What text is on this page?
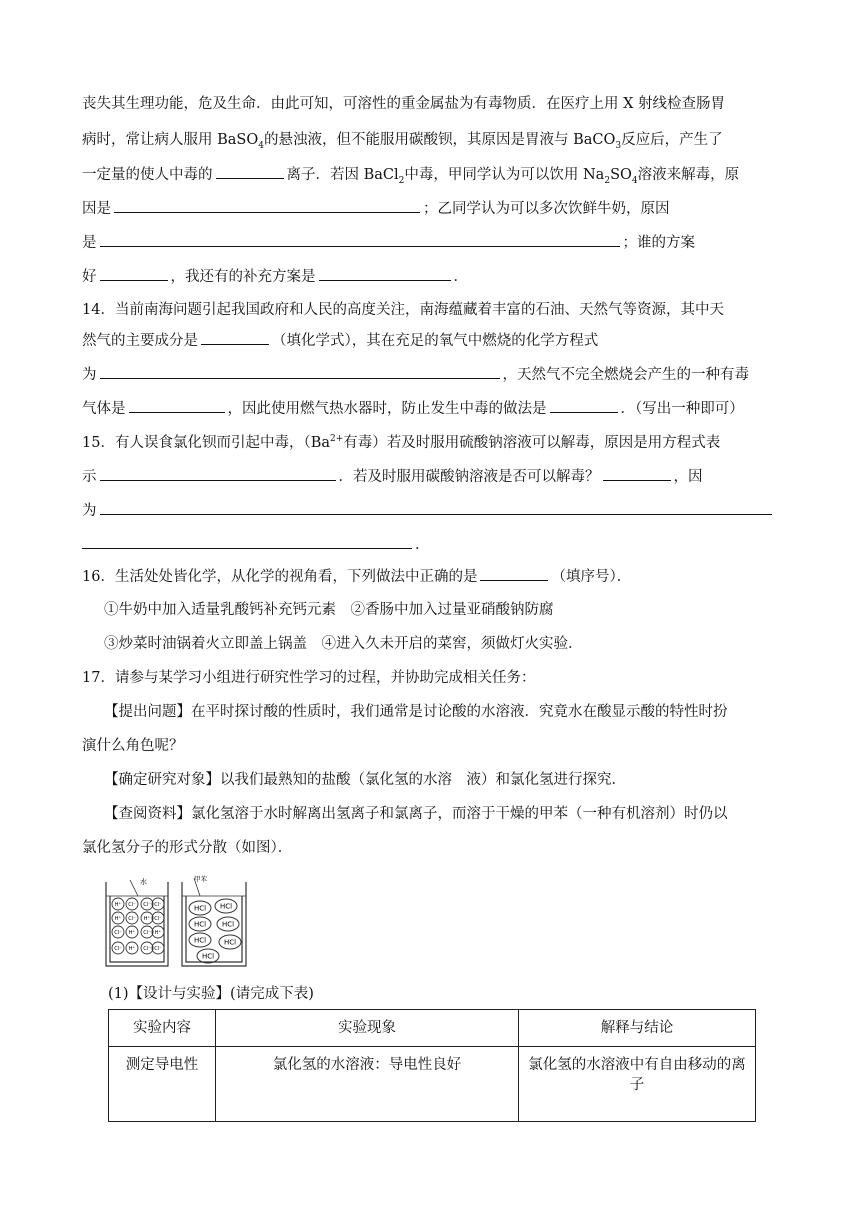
丧失其生理功能，危及生命．由此可知，可溶性的重金属盐为有毒物质．在医疗上用 X 射线检查肠胃
病时，常让病人服用 BaSO$_4$的悬浊液，但不能服用碳酸钡，其原因是胃液与 BaCO$_3$反应后，产生了
一定量的使人中毒的	离子．若因 BaCl$_2$中毒，甲同学认为可以饮用 $Na_2SO_4$溶液来解毒，原
因是	；乙同学认为可以多次饮鲜牛奶，原因
是	；谁的方案
好	，我还有的补充方案是	．
14．当前南海问题引起我国政府和人民的高度关注，南海蕴藏着丰富的石油、天然气等资源，其中天
然气的主要成分是	（填化学式），其在充足的氧气中燃烧的化学方程式
为	，天然气不完全燃烧会产生的一种有毒
气体是	，因此使用燃气热水器时，防止发生中毒的做法是	．（写出一种即可）
15．有人误食氯化钡而引起中毒，（$Ba^{2+}$有毒）若及时服用硫酸钠溶液可以解毒，原因是用方程式表
示	．若及时服用碳酸钠溶液是否可以解毒？	，因
为
．
16．生活处处皆化学，从化学的视角看，下列做法中正确的是	（填序号）．
①牛奶中加入适量乳酸钙补充钙元素　②香肠中加入过量亚硝酸钠防腐
③炒菜时油锅着火立即盖上锅盖　④进入久未开启的菜窖，须做灯火实验．
17．请参与某学习小组进行研究性学习的过程，并协助完成相关任务：
【提出问题】在平时探讨酸的性质时，我们通常是讨论酸的水溶液．究竟水在酸显示酸的特性时扮
演什么角色呢？
【确定研究对象】以我们最熟知的盐酸（氯化氢的水溶　液）和氯化氢进行探究．
【查阅资料】氯化氢溶于水时解离出氢离子和氯离子，而溶于干燥的甲苯（一种有机溶剂）时仍以
氯化氢分子的形式分散（如图）．
水
H⁺ Cl⁻ Cl⁻ Cl⁻
H⁺ Cl⁻ H⁺ Cl⁻
Cl⁻ H⁺ Cl⁻ H⁺
Cl⁻ H⁺ Cl⁻ Cl⁻
甲苯
HCl HCl
HCl HCl
HCl	HCl
HCl
(1)【设计与实验】(请完成下表)
实验内容	实验现象	解释与结论
测定导电性	氯化氢的水溶液：导电性良好	氯化氢的水溶液中有自由移动的离子
